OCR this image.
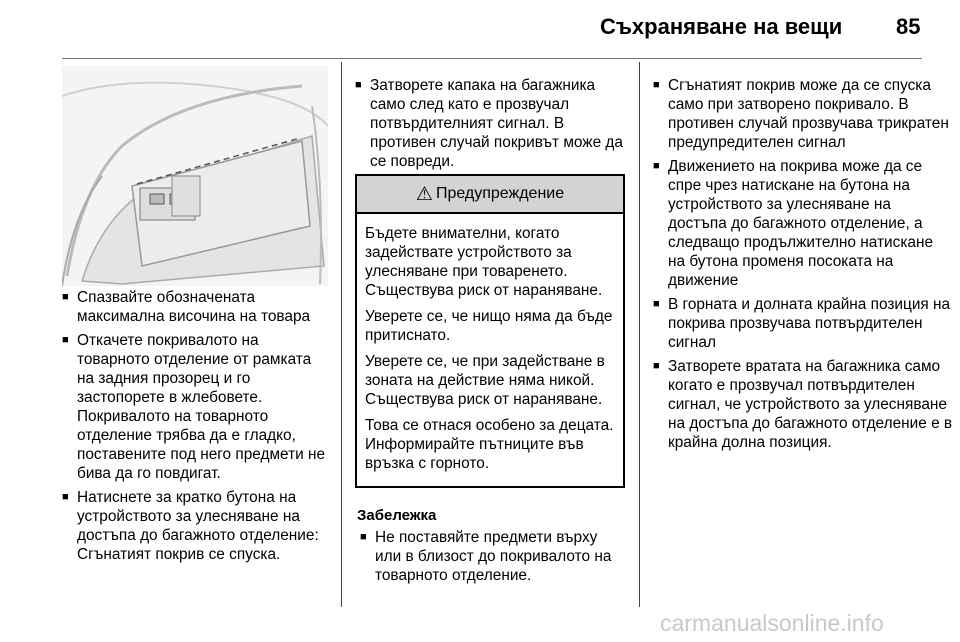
Съхраняване на вещи 85
■ Спазвайте обозначената максимална височина на товара
■ Откачете покривалото на товарното отделение от рамката на задния прозорец и го застопорете в жлебовете. Покривалото на товарното отделение трябва да е гладко, поставените под него предмети не бива да го повдигат.
■ Натиснете за кратко бутона на устройството за улесняване на достъпа до багажното отделение: Сгънатият покрив се спуска.
■ Затворете капака на багажника само след като е прозвучал потвърдителният сигнал. В противен случай покривът може да се повреди.
⚠ Предупреждение

Бъдете внимателни, когато задействате устройството за улесняване при товаренето. Съществува риск от нараняване.

Уверете се, че нищо няма да бъде притиснато.

Уверете се, че при задействане в зоната на действие няма никой. Съществува риск от нараняване.

Това се отнася особено за децата. Информирайте пътниците във връзка с горното.

Забележка
■ Не поставяйте предмети върху или в близост до покривалото на товарното отделение.
■ Сгънатият покрив може да се спуска само при затворено покривало. В противен случай прозвучава трикратен предупредителен сигнал
■ Движението на покрива може да се спре чрез натискане на бутона на устройството за улесняване на достъпа до багажното отделение, а следващо продължително натискане на бутона променя посоката на движение
■ В горната и долната крайна позиция на покрива прозвучава потвърдителен сигнал
■ Затворете вратата на багажника само когато е прозвучал потвърдителен сигнал, че устройството за улесняване на достъпа до багажното отделение е в крайна долна позиция.
carmanualsonline.info
